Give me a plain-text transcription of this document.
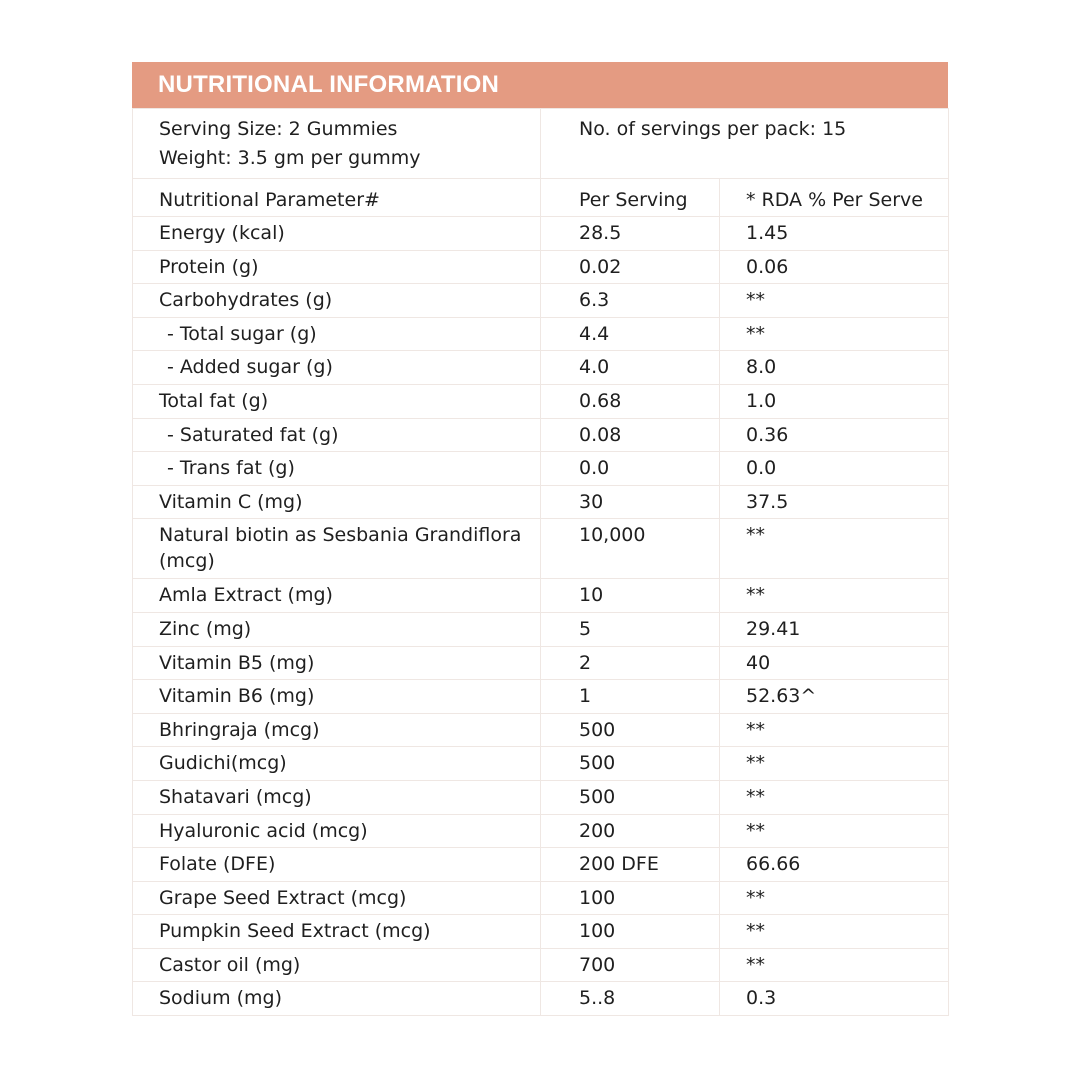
NUTRITIONAL INFORMATION
Serving Size: 2 Gummies
Weight: 3.5 gm per gummy	No. of servings per pack: 15	

Nutritional Parameter#	Per Serving	* RDA % Per Serve
Energy (kcal)	28.5	1.45
Protein (g)	0.02	0.06
Carbohydrates (g)	6.3	**
- Total sugar (g)	4.4	**
- Added sugar (g)	4.0	8.0
Total fat (g)	0.68	1.0
- Saturated fat (g)	0.08	0.36
- Trans fat (g)	0.0	0.0
Vitamin C (mg)	30	37.5
Natural biotin as Sesbania Grandiflora (mcg)	10,000	**
Amla Extract (mg)	10	**
Zinc (mg)	5	29.41
Vitamin B5 (mg)	2	40
Vitamin B6 (mg)	1	52.63^
Bhringraja (mcg)	500	**
Gudichi(mcg)	500	**
Shatavari (mcg)	500	**
Hyaluronic acid (mcg)	200	**
Folate (DFE)	200 DFE	66.66
Grape Seed Extract (mcg)	100	**
Pumpkin Seed Extract (mcg)	100	**
Castor oil (mg)	700	**
Sodium (mg)	5..8	0.3
